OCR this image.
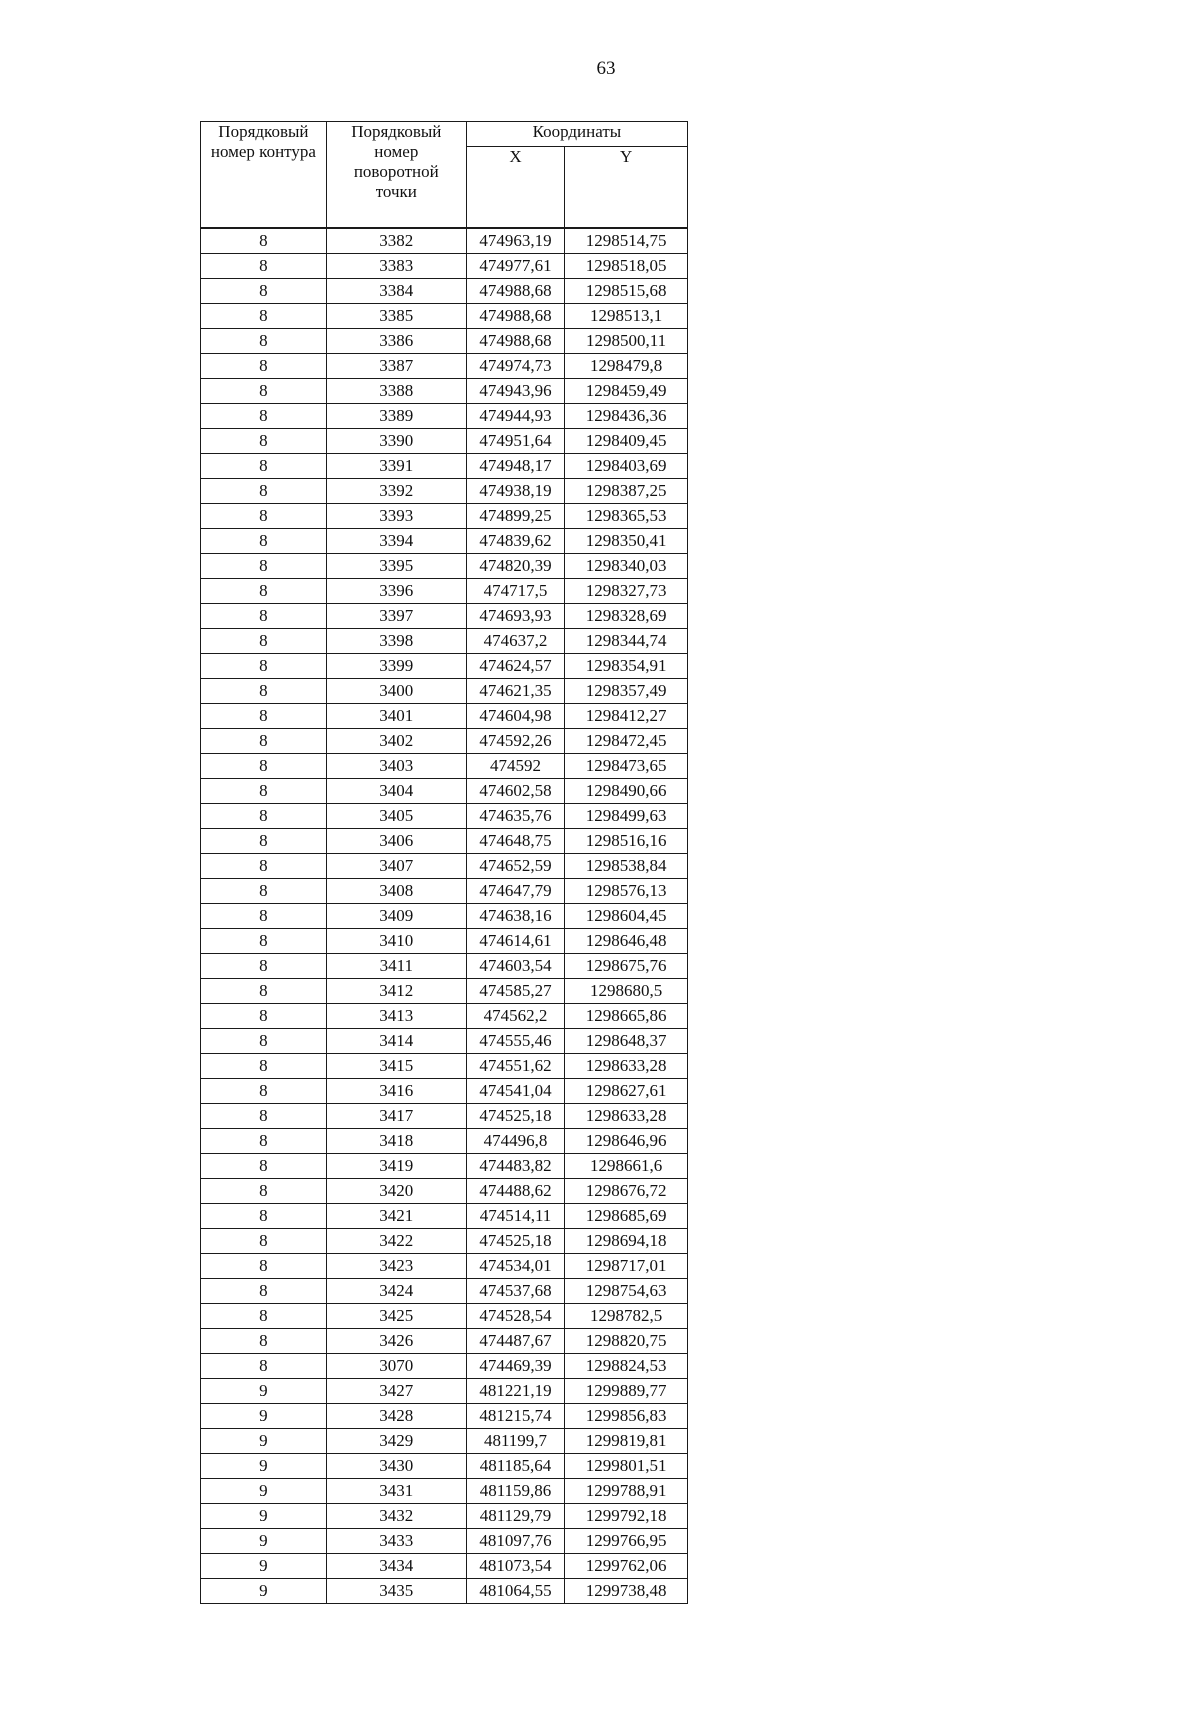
63
Порядковый
номер контура	Порядковый
номер
поворотной
точки	Координаты	
		X	Y
8	3382	474963,19	1298514,75
8	3383	474977,61	1298518,05
8	3384	474988,68	1298515,68
8	3385	474988,68	1298513,1
8	3386	474988,68	1298500,11
8	3387	474974,73	1298479,8
8	3388	474943,96	1298459,49
8	3389	474944,93	1298436,36
8	3390	474951,64	1298409,45
8	3391	474948,17	1298403,69
8	3392	474938,19	1298387,25
8	3393	474899,25	1298365,53
8	3394	474839,62	1298350,41
8	3395	474820,39	1298340,03
8	3396	474717,5	1298327,73
8	3397	474693,93	1298328,69
8	3398	474637,2	1298344,74
8	3399	474624,57	1298354,91
8	3400	474621,35	1298357,49
8	3401	474604,98	1298412,27
8	3402	474592,26	1298472,45
8	3403	474592	1298473,65
8	3404	474602,58	1298490,66
8	3405	474635,76	1298499,63
8	3406	474648,75	1298516,16
8	3407	474652,59	1298538,84
8	3408	474647,79	1298576,13
8	3409	474638,16	1298604,45
8	3410	474614,61	1298646,48
8	3411	474603,54	1298675,76
8	3412	474585,27	1298680,5
8	3413	474562,2	1298665,86
8	3414	474555,46	1298648,37
8	3415	474551,62	1298633,28
8	3416	474541,04	1298627,61
8	3417	474525,18	1298633,28
8	3418	474496,8	1298646,96
8	3419	474483,82	1298661,6
8	3420	474488,62	1298676,72
8	3421	474514,11	1298685,69
8	3422	474525,18	1298694,18
8	3423	474534,01	1298717,01
8	3424	474537,68	1298754,63
8	3425	474528,54	1298782,5
8	3426	474487,67	1298820,75
8	3070	474469,39	1298824,53
9	3427	481221,19	1299889,77
9	3428	481215,74	1299856,83
9	3429	481199,7	1299819,81
9	3430	481185,64	1299801,51
9	3431	481159,86	1299788,91
9	3432	481129,79	1299792,18
9	3433	481097,76	1299766,95
9	3434	481073,54	1299762,06
9	3435	481064,55	1299738,48
